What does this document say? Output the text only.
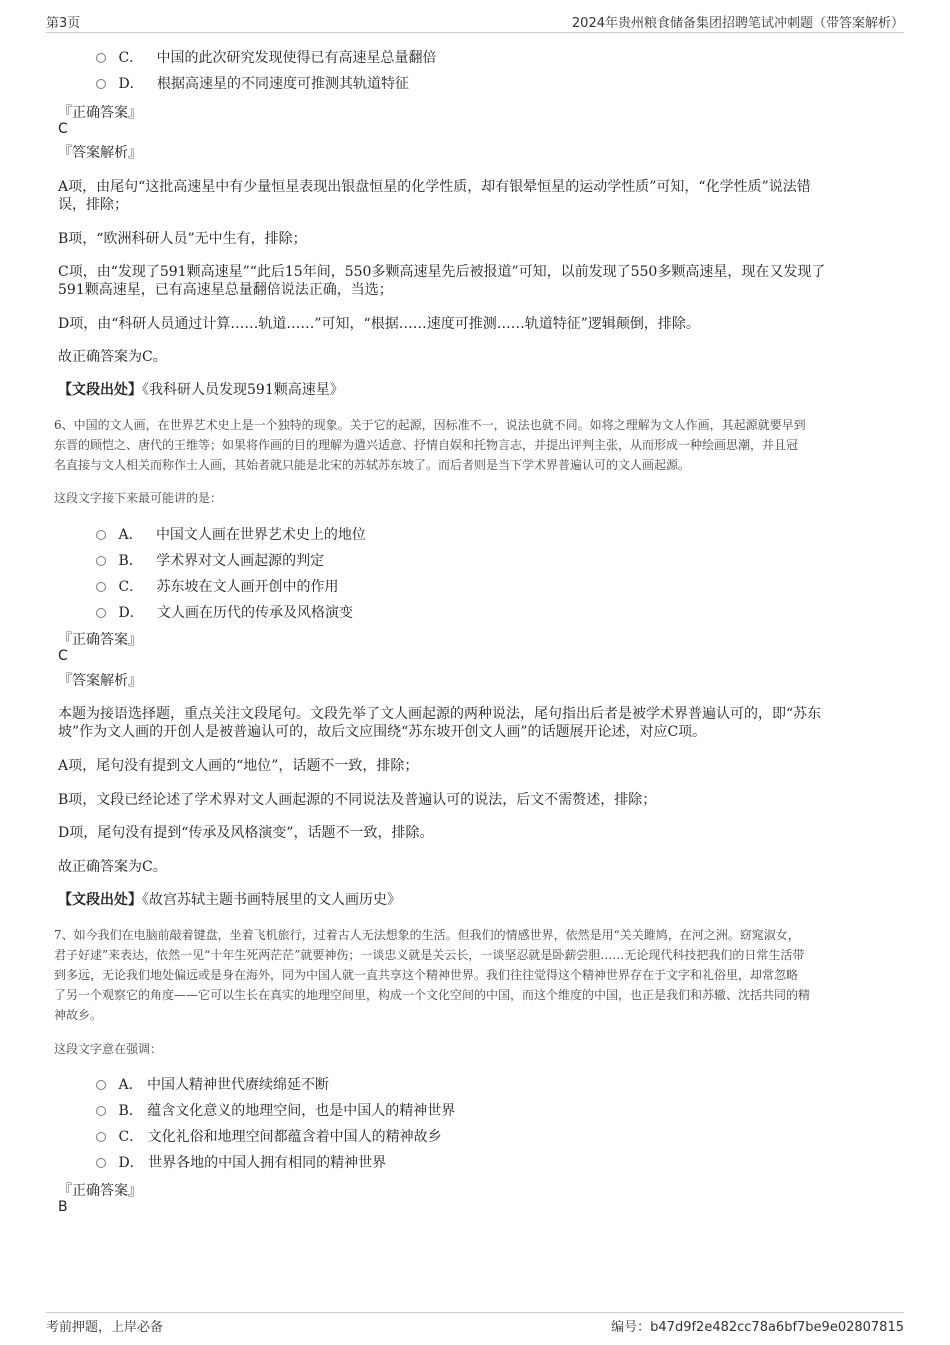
第3页	2024年贵州粮食储备集团招聘笔试冲刺题（带答案解析）
C． 中国的此次研究发现使得已有高速星总量翻倍
D． 根据高速星的不同速度可推测其轨道特征
『正确答案』
C
『答案解析』
A项，由尾句“这批高速星中有少量恒星表现出银盘恒星的化学性质，却有银晕恒星的运动学性质”可知，“化学性质”说法错
误，排除；
B项，“欧洲科研人员”无中生有，排除；
C项，由“发现了591颗高速星”“此后15年间，550多颗高速星先后被报道”可知，以前发现了550多颗高速星，现在又发现了
591颗高速星，已有高速星总量翻倍说法正确，当选；
D项，由“科研人员通过计算……轨道……”可知，“根据……速度可推测……轨道特征”逻辑颠倒，排除。
故正确答案为C。
【文段出处】《我科研人员发现591颗高速星》
6、中国的文人画，在世界艺术史上是一个独特的现象。关于它的起源，因标准不一，说法也就不同。如将之理解为文人作画，其起源就要早到
东晋的顾恺之、唐代的王维等；如果将作画的目的理解为遣兴适意、抒情自娱和托物言志，并提出评判主张，从而形成一种绘画思潮，并且冠
名直接与文人相关而称作士人画，其始者就只能是北宋的苏轼苏东坡了。而后者则是当下学术界普遍认可的文人画起源。
这段文字接下来最可能讲的是：
A． 中国文人画在世界艺术史上的地位
B． 学术界对文人画起源的判定
C． 苏东坡在文人画开创中的作用
D． 文人画在历代的传承及风格演变
『正确答案』
C
『答案解析』
本题为接语选择题，重点关注文段尾句。文段先举了文人画起源的两种说法，尾句指出后者是被学术界普遍认可的，即“苏东
坡”作为文人画的开创人是被普遍认可的，故后文应围绕“苏东坡开创文人画”的话题展开论述，对应C项。
A项，尾句没有提到文人画的“地位”，话题不一致，排除；
B项，文段已经论述了学术界对文人画起源的不同说法及普遍认可的说法，后文不需赘述，排除；
D项，尾句没有提到“传承及风格演变”，话题不一致，排除。
故正确答案为C。
【文段出处】《故宫苏轼主题书画特展里的文人画历史》
7、如今我们在电脑前敲着键盘，坐着飞机旅行，过着古人无法想象的生活。但我们的情感世界，依然是用“关关雎鸠，在河之洲。窈窕淑女，
君子好逑”来表达，依然一见“十年生死两茫茫”就要神伤；一谈忠义就是关云长，一谈坚忍就是卧薪尝胆……无论现代科技把我们的日常生活带
到多远，无论我们地处偏远或是身在海外，同为中国人就一直共享这个精神世界。我们往往觉得这个精神世界存在于文字和礼俗里，却常忽略
了另一个观察它的角度——它可以生长在真实的地理空间里，构成一个文化空间的中国，而这个维度的中国，也正是我们和苏辙、沈括共同的精
神故乡。
这段文字意在强调：
A． 中国人精神世代赓续绵延不断
B． 蕴含文化意义的地理空间，也是中国人的精神世界
C． 文化礼俗和地理空间都蕴含着中国人的精神故乡
D． 世界各地的中国人拥有相同的精神世界
『正确答案』
B
考前押题，上岸必备	编号：b47d9f2e482cc78a6bf7be9e02807815
